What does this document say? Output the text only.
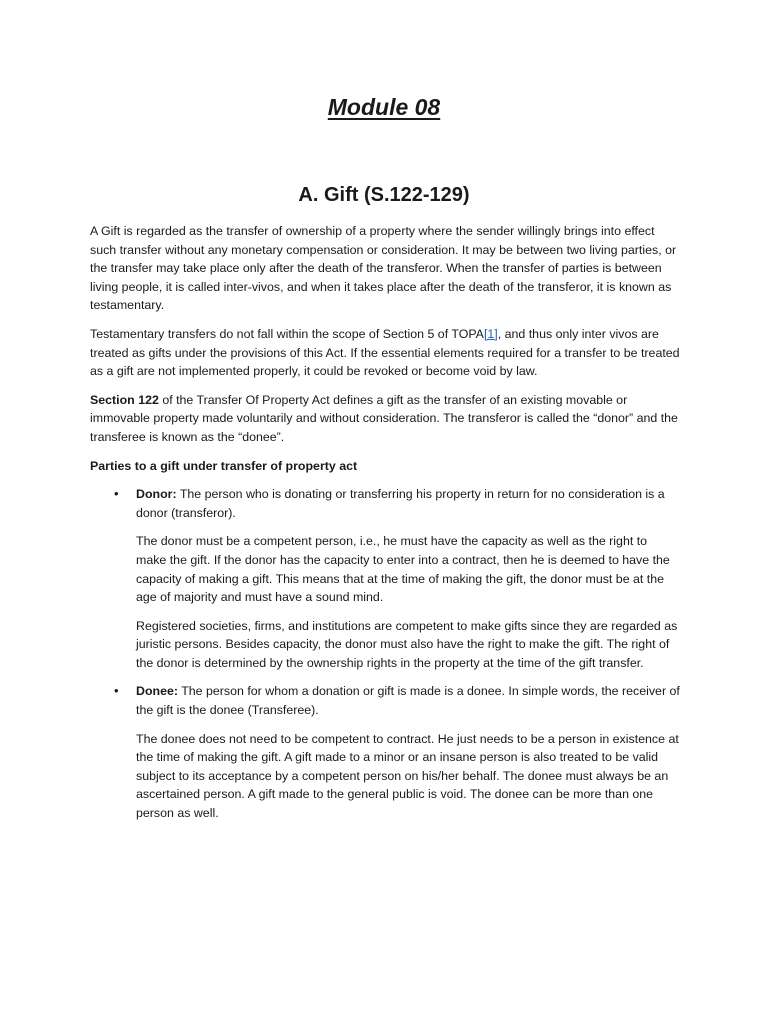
Module 08
A. Gift (S.122-129)

A Gift is regarded as the transfer of ownership of a property where the sender willingly brings into effect such transfer without any monetary compensation or consideration. It may be between two living parties, or the transfer may take place only after the death of the transferor. When the transfer of parties is between living people, it is called inter-vivos, and when it takes place after the death of the transferor, it is known as testamentary.

Testamentary transfers do not fall within the scope of Section 5 of TOPA[1], and thus only inter vivos are treated as gifts under the provisions of this Act. If the essential elements required for a transfer to be treated as a gift are not implemented properly, it could be revoked or become void by law.

Section 122 of the Transfer Of Property Act defines a gift as the transfer of an existing movable or immovable property made voluntarily and without consideration. The transferor is called the “donor” and the transferee is known as the “donee”.

Parties to a gift under transfer of property act

• Donor: The person who is donating or transferring his property in return for no consideration is a donor (transferor).

The donor must be a competent person, i.e., he must have the capacity as well as the right to make the gift. If the donor has the capacity to enter into a contract, then he is deemed to have the capacity of making a gift. This means that at the time of making the gift, the donor must be at the age of majority and must have a sound mind.

Registered societies, firms, and institutions are competent to make gifts since they are regarded as juristic persons. Besides capacity, the donor must also have the right to make the gift. The right of the donor is determined by the ownership rights in the property at the time of the gift transfer.

• Donee: The person for whom a donation or gift is made is a donee. In simple words, the receiver of the gift is the donee (Transferee).

The donee does not need to be competent to contract. He just needs to be a person in existence at the time of making the gift. A gift made to a minor or an insane person is also treated to be valid subject to its acceptance by a competent person on his/her behalf. The donee must always be an ascertained person. A gift made to the general public is void. The donee can be more than one person as well.
